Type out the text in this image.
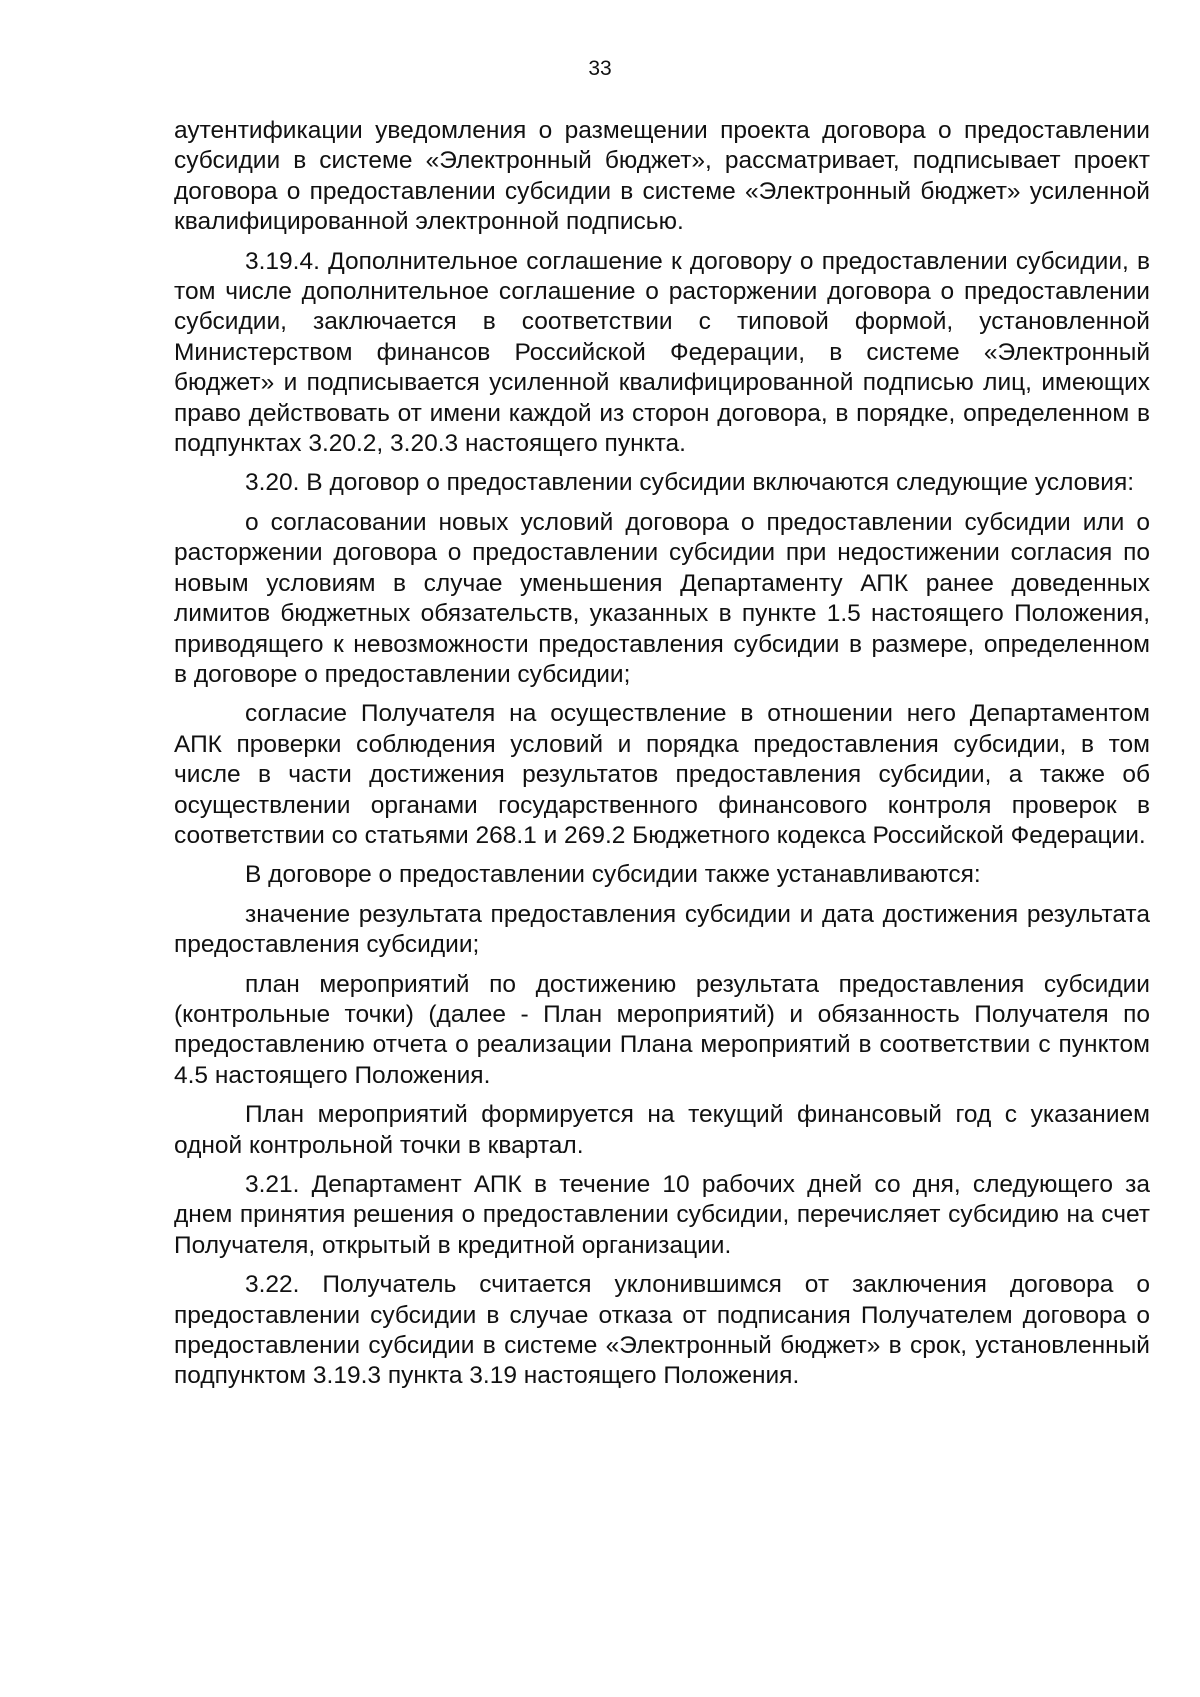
33

аутентификации уведомления о размещении проекта договора о предоставлении субсидии в системе «Электронный бюджет», рассматривает, подписывает проект договора о предоставлении субсидии в системе «Электронный бюджет» усиленной квалифицированной электронной подписью.

3.19.4. Дополнительное соглашение к договору о предоставлении субсидии, в том числе дополнительное соглашение о расторжении договора о предоставлении субсидии, заключается в соответствии с типовой формой, установленной Министерством финансов Российской Федерации, в системе «Электронный бюджет» и подписывается усиленной квалифицированной подписью лиц, имеющих право действовать от имени каждой из сторон договора, в порядке, определенном в подпунктах 3.20.2, 3.20.3 настоящего пункта.

3.20. В договор о предоставлении субсидии включаются следующие условия:

о согласовании новых условий договора о предоставлении субсидии или о расторжении договора о предоставлении субсидии при недостижении согласия по новым условиям в случае уменьшения Департаменту АПК ранее доведенных лимитов бюджетных обязательств, указанных в пункте 1.5 настоящего Положения, приводящего к невозможности предоставления субсидии в размере, определенном в договоре о предоставлении субсидии;

согласие Получателя на осуществление в отношении него Департаментом АПК проверки соблюдения условий и порядка предоставления субсидии, в том числе в части достижения результатов предоставления субсидии, а также об осуществлении органами государственного финансового контроля проверок в соответствии со статьями 268.1 и 269.2 Бюджетного кодекса Российской Федерации.

В договоре о предоставлении субсидии также устанавливаются:

значение результата предоставления субсидии и дата достижения результата предоставления субсидии;

план мероприятий по достижению результата предоставления субсидии (контрольные точки) (далее - План мероприятий) и обязанность Получателя по предоставлению отчета о реализации Плана мероприятий в соответствии с пунктом 4.5 настоящего Положения.

План мероприятий формируется на текущий финансовый год с указанием одной контрольной точки в квартал.

3.21. Департамент АПК в течение 10 рабочих дней со дня, следующего за днем принятия решения о предоставлении субсидии, перечисляет субсидию на счет Получателя, открытый в кредитной организации.

3.22. Получатель считается уклонившимся от заключения договора о предоставлении субсидии в случае отказа от подписания Получателем договора о предоставлении субсидии в системе «Электронный бюджет» в срок, установленный подпунктом 3.19.3 пункта 3.19 настоящего Положения.
